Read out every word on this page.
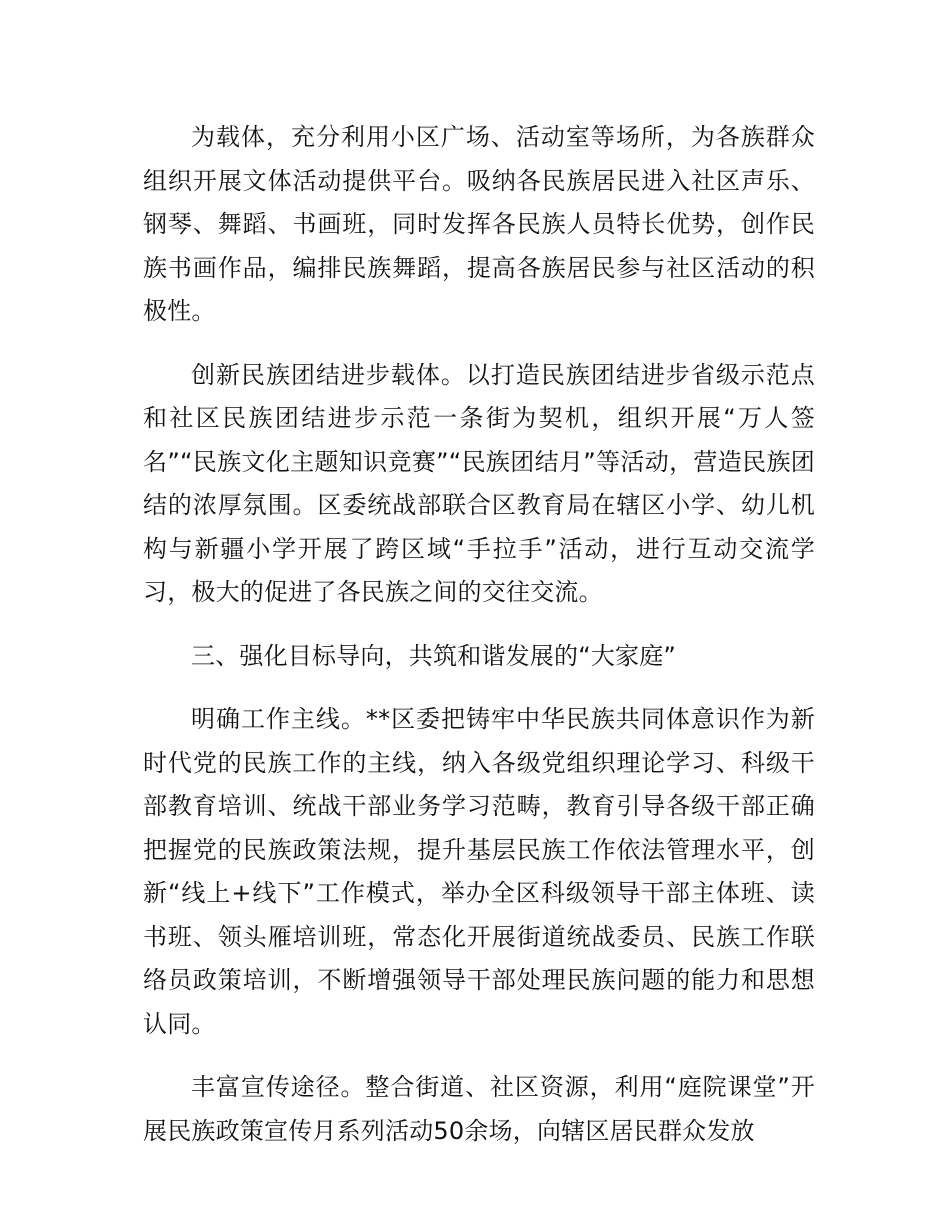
为载体，充分利用小区广场、活动室等场所，为各族群众组织开展文体活动提供平台。吸纳各民族居民进入社区声乐、钢琴、舞蹈、书画班，同时发挥各民族人员特长优势，创作民族书画作品，编排民族舞蹈，提高各族居民参与社区活动的积极性。

创新民族团结进步载体。以打造民族团结进步省级示范点和社区民族团结进步示范一条街为契机，组织开展“万人签名”“民族文化主题知识竞赛”“民族团结月”等活动，营造民族团结的浓厚氛围。区委统战部联合区教育局在辖区小学、幼儿机构与新疆小学开展了跨区域“手拉手”活动，进行互动交流学习，极大的促进了各民族之间的交往交流。

三、强化目标导向，共筑和谐发展的“大家庭”

明确工作主线。**区委把铸牢中华民族共同体意识作为新时代党的民族工作的主线，纳入各级党组织理论学习、科级干部教育培训、统战干部业务学习范畴，教育引导各级干部正确把握党的民族政策法规，提升基层民族工作依法管理水平，创新“线上+线下”工作模式，举办全区科级领导干部主体班、读书班、领头雁培训班，常态化开展街道统战委员、民族工作联络员政策培训，不断增强领导干部处理民族问题的能力和思想认同。

丰富宣传途径。整合街道、社区资源，利用“庭院课堂”开展民族政策宣传月系列活动50余场，向辖区居民群众发放
